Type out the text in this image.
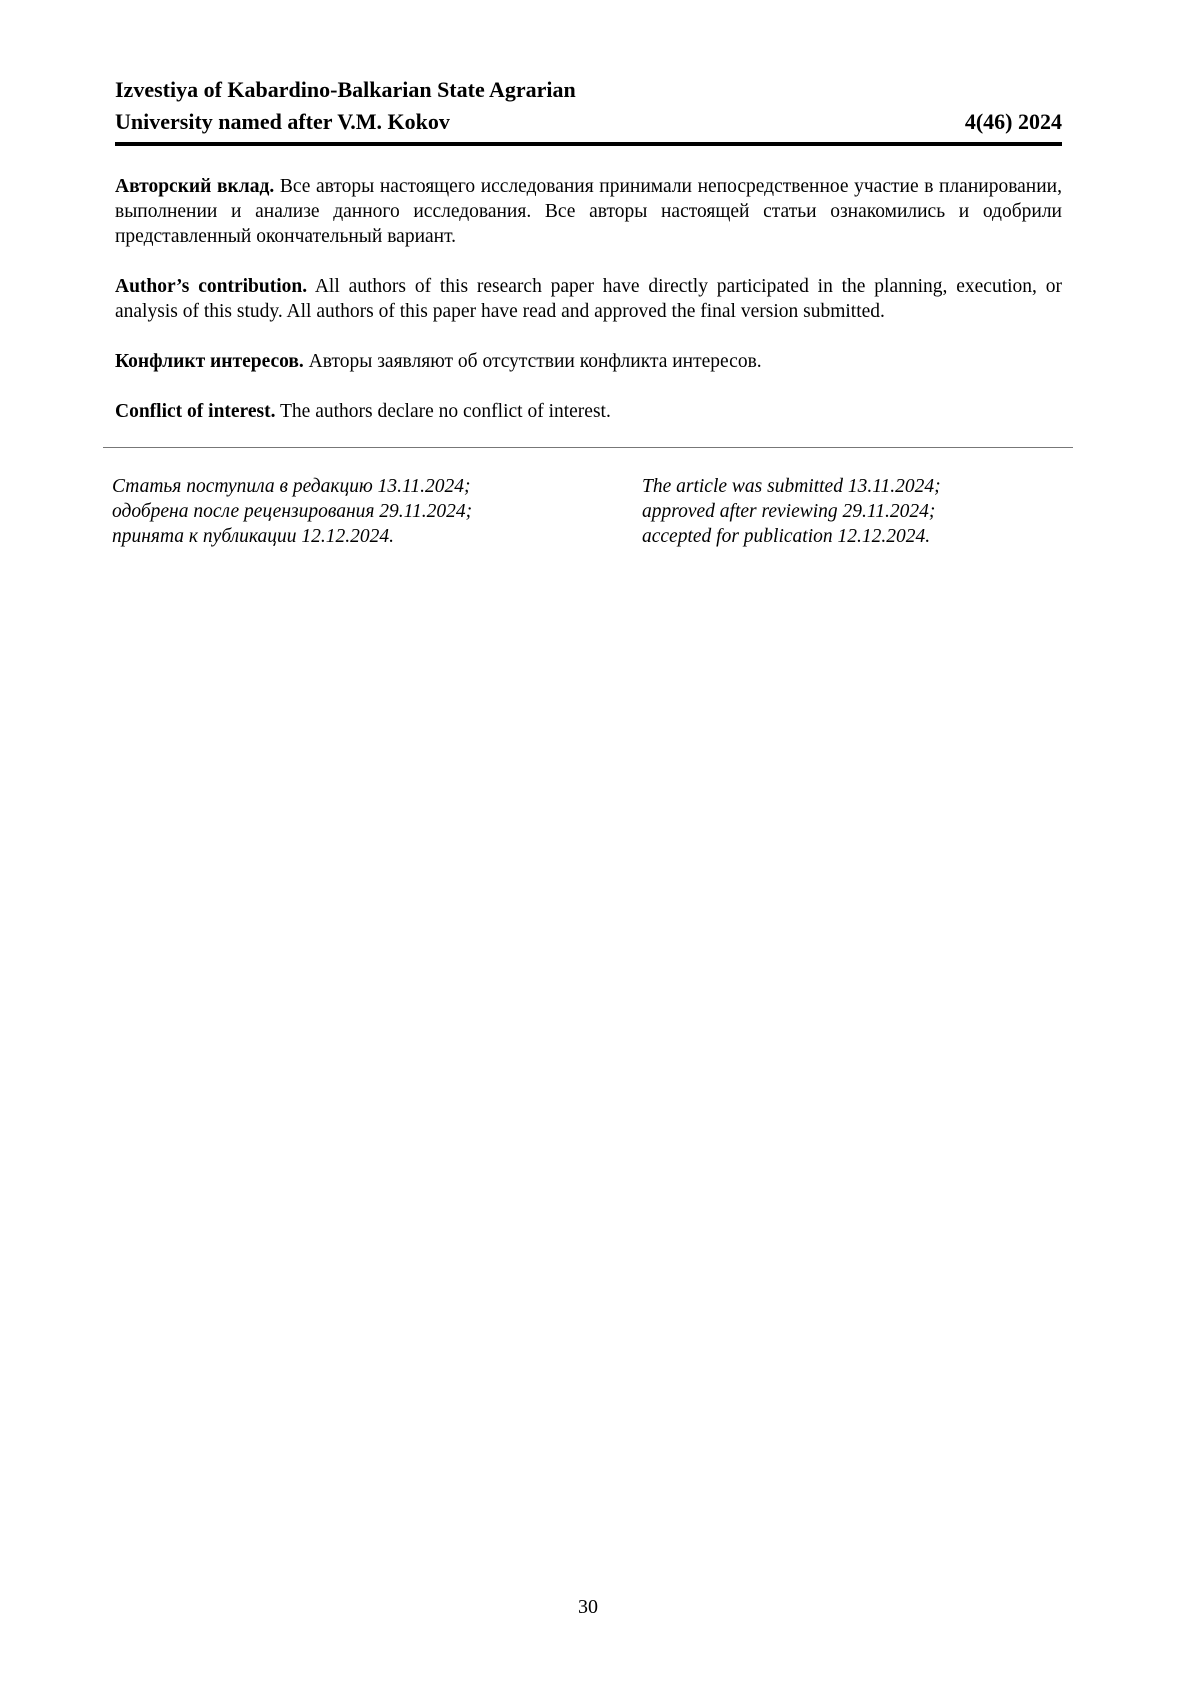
Izvestiya of Kabardino-Balkarian State Agrarian
University named after V.M. Kokov	4(46) 2024
Авторский вклад. Все авторы настоящего исследования принимали непосредственное участие в планировании, выполнении и анализе данного исследования. Все авторы настоящей статьи ознакомились и одобрили представленный окончательный вариант.
Author’s contribution. All authors of this research paper have directly participated in the planning, execution, or analysis of this study. All authors of this paper have read and approved the final version submitted.
Конфликт интересов. Авторы заявляют об отсутствии конфликта интересов.
Conflict of interest. The authors declare no conflict of interest.
Статья поступила в редакцию 13.11.2024;
одобрена после рецензирования 29.11.2024;
принята к публикации 12.12.2024.
The article was submitted 13.11.2024;
approved after reviewing 29.11.2024;
accepted for publication 12.12.2024.
30
